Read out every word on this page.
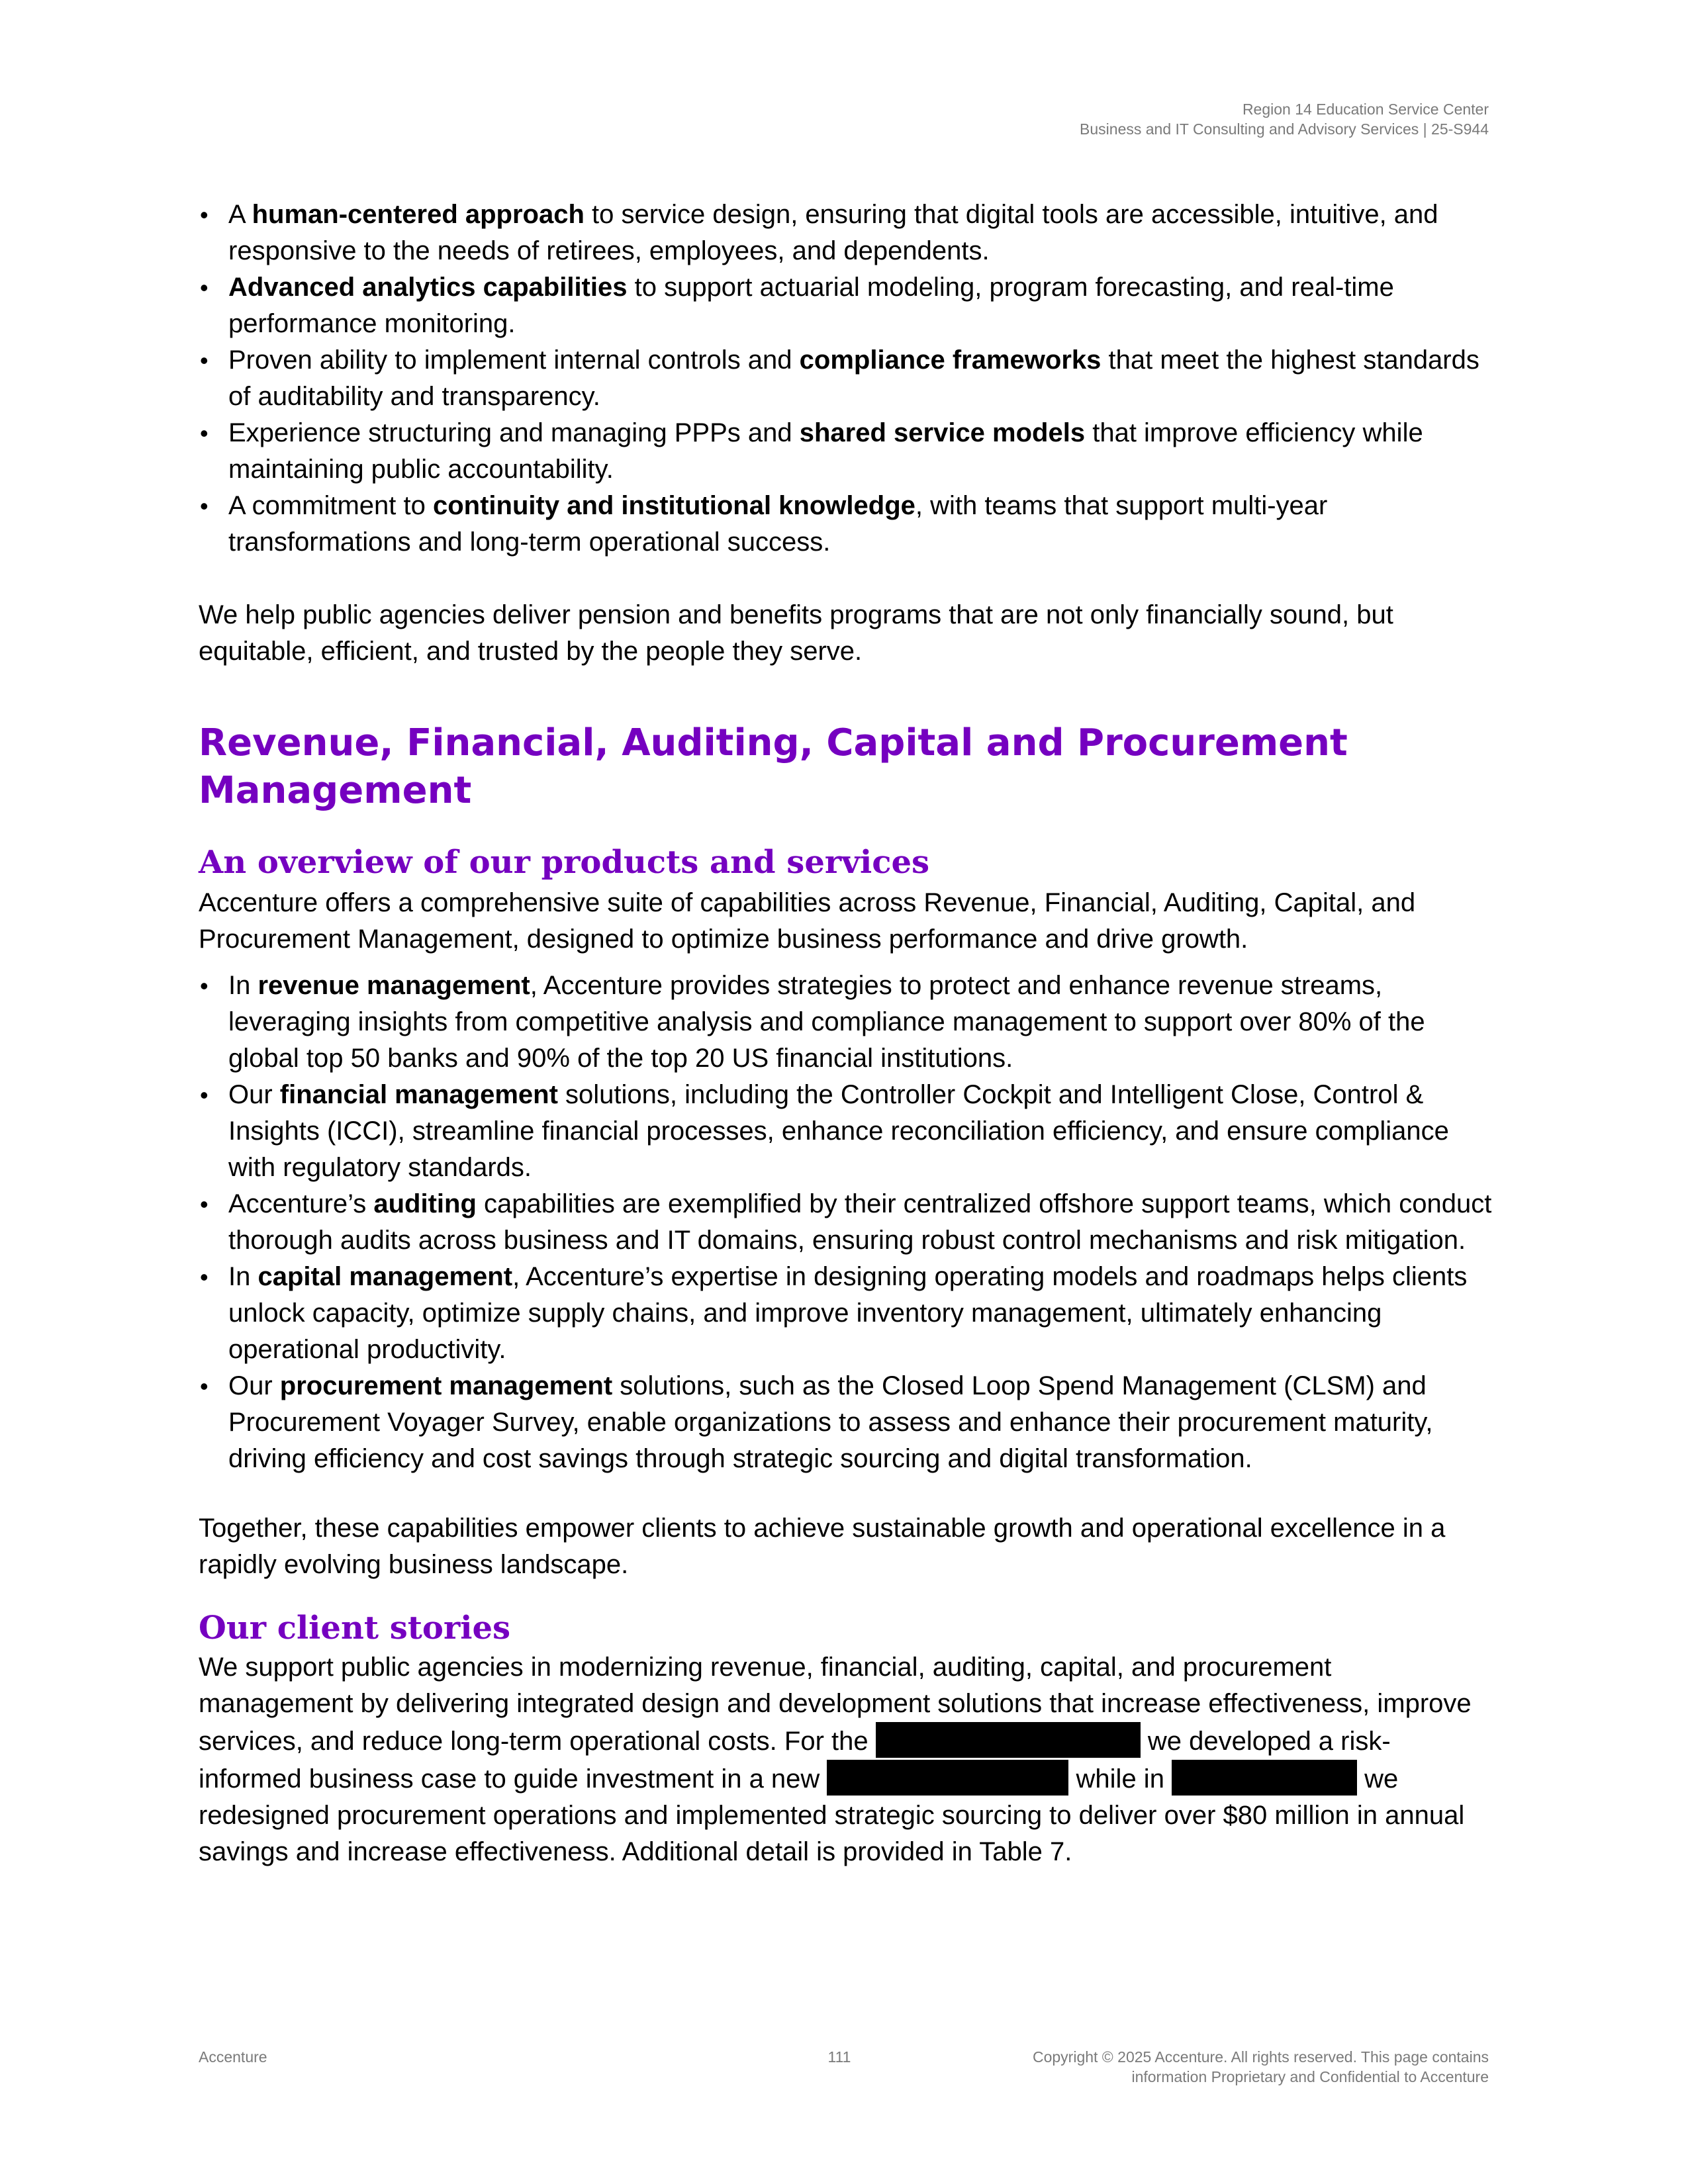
Region 14 Education Service Center
Business and IT Consulting and Advisory Services | 25-S944
• A human-centered approach to service design, ensuring that digital tools are accessible, intuitive, and responsive to the needs of retirees, employees, and dependents.
• Advanced analytics capabilities to support actuarial modeling, program forecasting, and real-time performance monitoring.
• Proven ability to implement internal controls and compliance frameworks that meet the highest standards of auditability and transparency.
• Experience structuring and managing PPPs and shared service models that improve efficiency while maintaining public accountability.
• A commitment to continuity and institutional knowledge, with teams that support multi-year transformations and long-term operational success.

We help public agencies deliver pension and benefits programs that are not only financially sound, but equitable, efficient, and trusted by the people they serve.

Revenue, Financial, Auditing, Capital and Procurement Management
An overview of our products and services

Accenture offers a comprehensive suite of capabilities across Revenue, Financial, Auditing, Capital, and Procurement Management, designed to optimize business performance and drive growth.

• In revenue management, Accenture provides strategies to protect and enhance revenue streams, leveraging insights from competitive analysis and compliance management to support over 80% of the global top 50 banks and 90% of the top 20 US financial institutions.
• Our financial management solutions, including the Controller Cockpit and Intelligent Close, Control & Insights (ICCI), streamline financial processes, enhance reconciliation efficiency, and ensure compliance with regulatory standards.
• Accenture’s auditing capabilities are exemplified by their centralized offshore support teams, which conduct thorough audits across business and IT domains, ensuring robust control mechanisms and risk mitigation.
• In capital management, Accenture’s expertise in designing operating models and roadmaps helps clients unlock capacity, optimize supply chains, and improve inventory management, ultimately enhancing operational productivity.
• Our procurement management solutions, such as the Closed Loop Spend Management (CLSM) and Procurement Voyager Survey, enable organizations to assess and enhance their procurement maturity, driving efficiency and cost savings through strategic sourcing and digital transformation.

Together, these capabilities empower clients to achieve sustainable growth and operational excellence in a rapidly evolving business landscape.

Our client stories

We support public agencies in modernizing revenue, financial, auditing, capital, and procurement management by delivering integrated design and development solutions that increase effectiveness, improve services, and reduce long-term operational costs. For the	we developed a risk-informed business case to guide investment in a new	while in	we redesigned procurement operations and implemented strategic sourcing to deliver over $80 million in annual savings and increase effectiveness. Additional detail is provided in Table 7.

Accenture	111	Copyright © 2025 Accenture. All rights reserved. This page contains
information Proprietary and Confidential to Accenture
